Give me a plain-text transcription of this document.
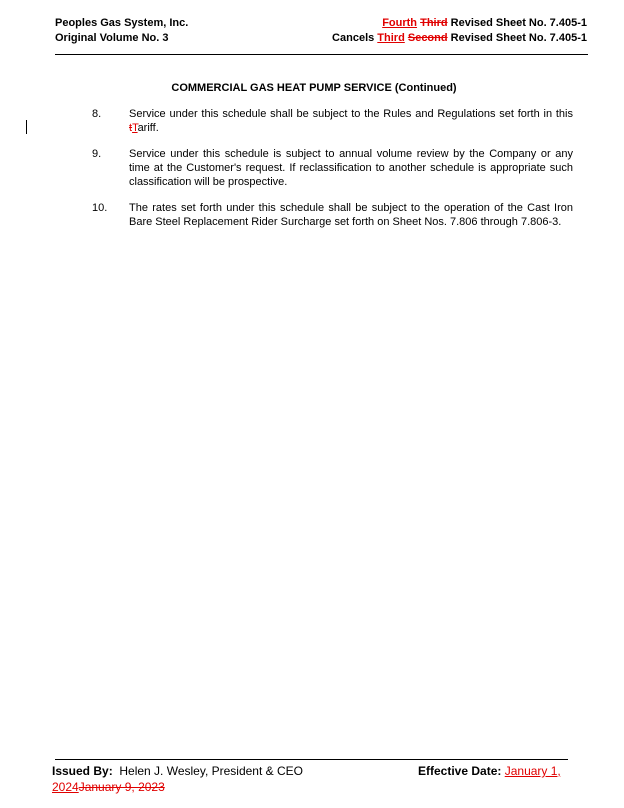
Peoples Gas System, Inc.
Original Volume No. 3
Fourth Third Revised Sheet No. 7.405-1
Cancels Third Second Revised Sheet No. 7.405-1
COMMERCIAL GAS HEAT PUMP SERVICE (Continued)
8.	Service under this schedule shall be subject to the Rules and Regulations set forth in this tTariff.
9.	Service under this schedule is subject to annual volume review by the Company or any time at the Customer's request. If reclassification to another schedule is appropriate such classification will be prospective.
10.	The rates set forth under this schedule shall be subject to the operation of the Cast Iron Bare Steel Replacement Rider Surcharge set forth on Sheet Nos. 7.806 through 7.806-3.
Issued By:  Helen J. Wesley, President & CEO	Effective Date: January 1,
2024January 9, 2023
